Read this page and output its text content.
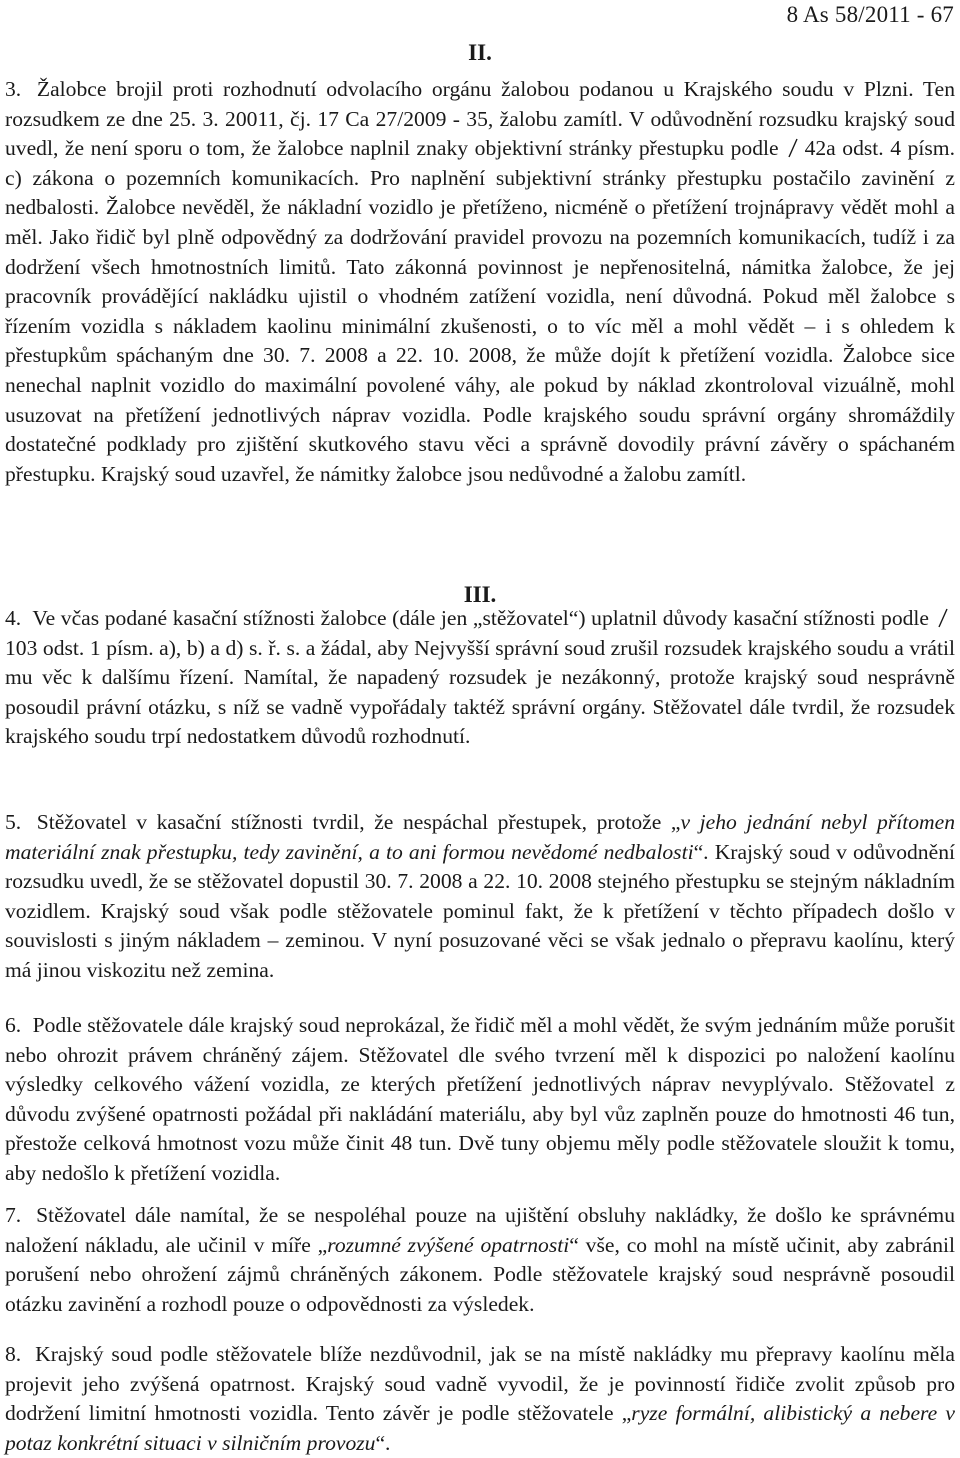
8 As 58/2011 - 67
II.

3. Žalobce brojil proti rozhodnutí odvolacího orgánu žalobou podanou u Krajského soudu v Plzni. Ten rozsudkem ze dne 25. 3. 20011, čj. 17 Ca 27/2009 - 35, žalobu zamítl. V odůvodnění rozsudku krajský soud uvedl, že není sporu o tom, že žalobce naplnil znaky objektivní stránky přestupku podle 42a odst. 4 písm. c) zákona o pozemních komunikacích. Pro naplnění subjektivní stránky přestupku postačilo zavinění z nedbalosti. Žalobce nevěděl, že nákladní vozidlo je přetíženo, nicméně o přetížení trojnápravy vědět mohl a měl. Jako řidič byl plně odpovědný za dodržování pravidel provozu na pozemních komunikacích, tudíž i za dodržení všech hmotnostních limitů. Tato zákonná povinnost je nepřenositelná, námitka žalobce, že jej pracovník provádějící nakládku ujistil o vhodném zatížení vozidla, není důvodná. Pokud měl žalobce s řízením vozidla s nákladem kaolinu minimální zkušenosti, o to víc měl a mohl vědět – i s ohledem k přestupkům spáchaným dne 30. 7. 2008 a 22. 10. 2008, že může dojít k přetížení vozidla. Žalobce sice nenechal naplnit vozidlo do maximální povolené váhy, ale pokud by náklad zkontroloval vizuálně, mohl usuzovat na přetížení jednotlivých náprav vozidla. Podle krajského soudu správní orgány shromáždily dostatečné podklady pro zjištění skutkového stavu věci a správně dovodily právní závěry o spáchaném přestupku. Krajský soud uzavřel, že námitky žalobce jsou nedůvodné a žalobu zamítl.

III.

4. Ve včas podané kasační stížnosti žalobce (dále jen „stěžovatel“) uplatnil důvody kasační stížnosti podle103 odst. 1 písm. a), b) a d) s. ř. s. a žádal, aby Nejvyšší správní soud zrušil rozsudek krajského soudu a vrátil mu věc k dalšímu řízení. Namítal, že napadený rozsudek je nezákonný, protože krajský soud nesprávně posoudil právní otázku, s níž se vadně vypořádaly taktéž správní orgány. Stěžovatel dále tvrdil, že rozsudek krajského soudu trpí nedostatkem důvodů rozhodnutí.

5. Stěžovatel v kasační stížnosti tvrdil, že nespáchal přestupek, protože „v jeho jednání nebyl přítomen materiální znak přestupku, tedy zavinění, a to ani formou nevědomé nedbalosti“. Krajský soud v odůvodnění rozsudku uvedl, že se stěžovatel dopustil 30. 7. 2008 a 22. 10. 2008 stejného přestupku se stejným nákladním vozidlem. Krajský soud však podle stěžovatele pominul fakt, že k přetížení v těchto případech došlo v souvislosti s jiným nákladem – zeminou. V nyní posuzované věci se však jednalo o přepravu kaolínu, který má jinou viskozitu než zemina.

6. Podle stěžovatele dále krajský soud neprokázal, že řidič měl a mohl vědět, že svým jednáním může porušit nebo ohrozit právem chráněný zájem. Stěžovatel dle svého tvrzení měl k dispozici po naložení kaolínu výsledky celkového vážení vozidla, ze kterých přetížení jednotlivých náprav nevyplývalo. Stěžovatel z důvodu zvýšené opatrnosti požádal při nakládání materiálu, aby byl vůz zaplněn pouze do hmotnosti 46 tun, přestože celková hmotnost vozu může činit 48 tun. Dvě tuny objemu měly podle stěžovatele sloužit k tomu, aby nedošlo k přetížení vozidla.

7. Stěžovatel dále namítal, že se nespoléhal pouze na ujištění obsluhy nakládky, že došlo ke správnému naložení nákladu, ale učinil v míře „rozumné zvýšené opatrnosti“ vše, co mohl na místě učinit, aby zabránil porušení nebo ohrožení zájmů chráněných zákonem. Podle stěžovatele krajský soud nesprávně posoudil otázku zavinění a rozhodl pouze o odpovědnosti za výsledek.

8. Krajský soud podle stěžovatele blíže nezdůvodnil, jak se na místě nakládky mu přepravy kaolínu měla projevit jeho zvýšená opatrnost. Krajský soud vadně vyvodil, že je povinností řidiče zvolit způsob pro dodržení limitní hmotnosti vozidla. Tento závěr je podle stěžovatele „ryze formální, alibistický a nebere v potaz konkrétní situaci v silničním provozu“.
